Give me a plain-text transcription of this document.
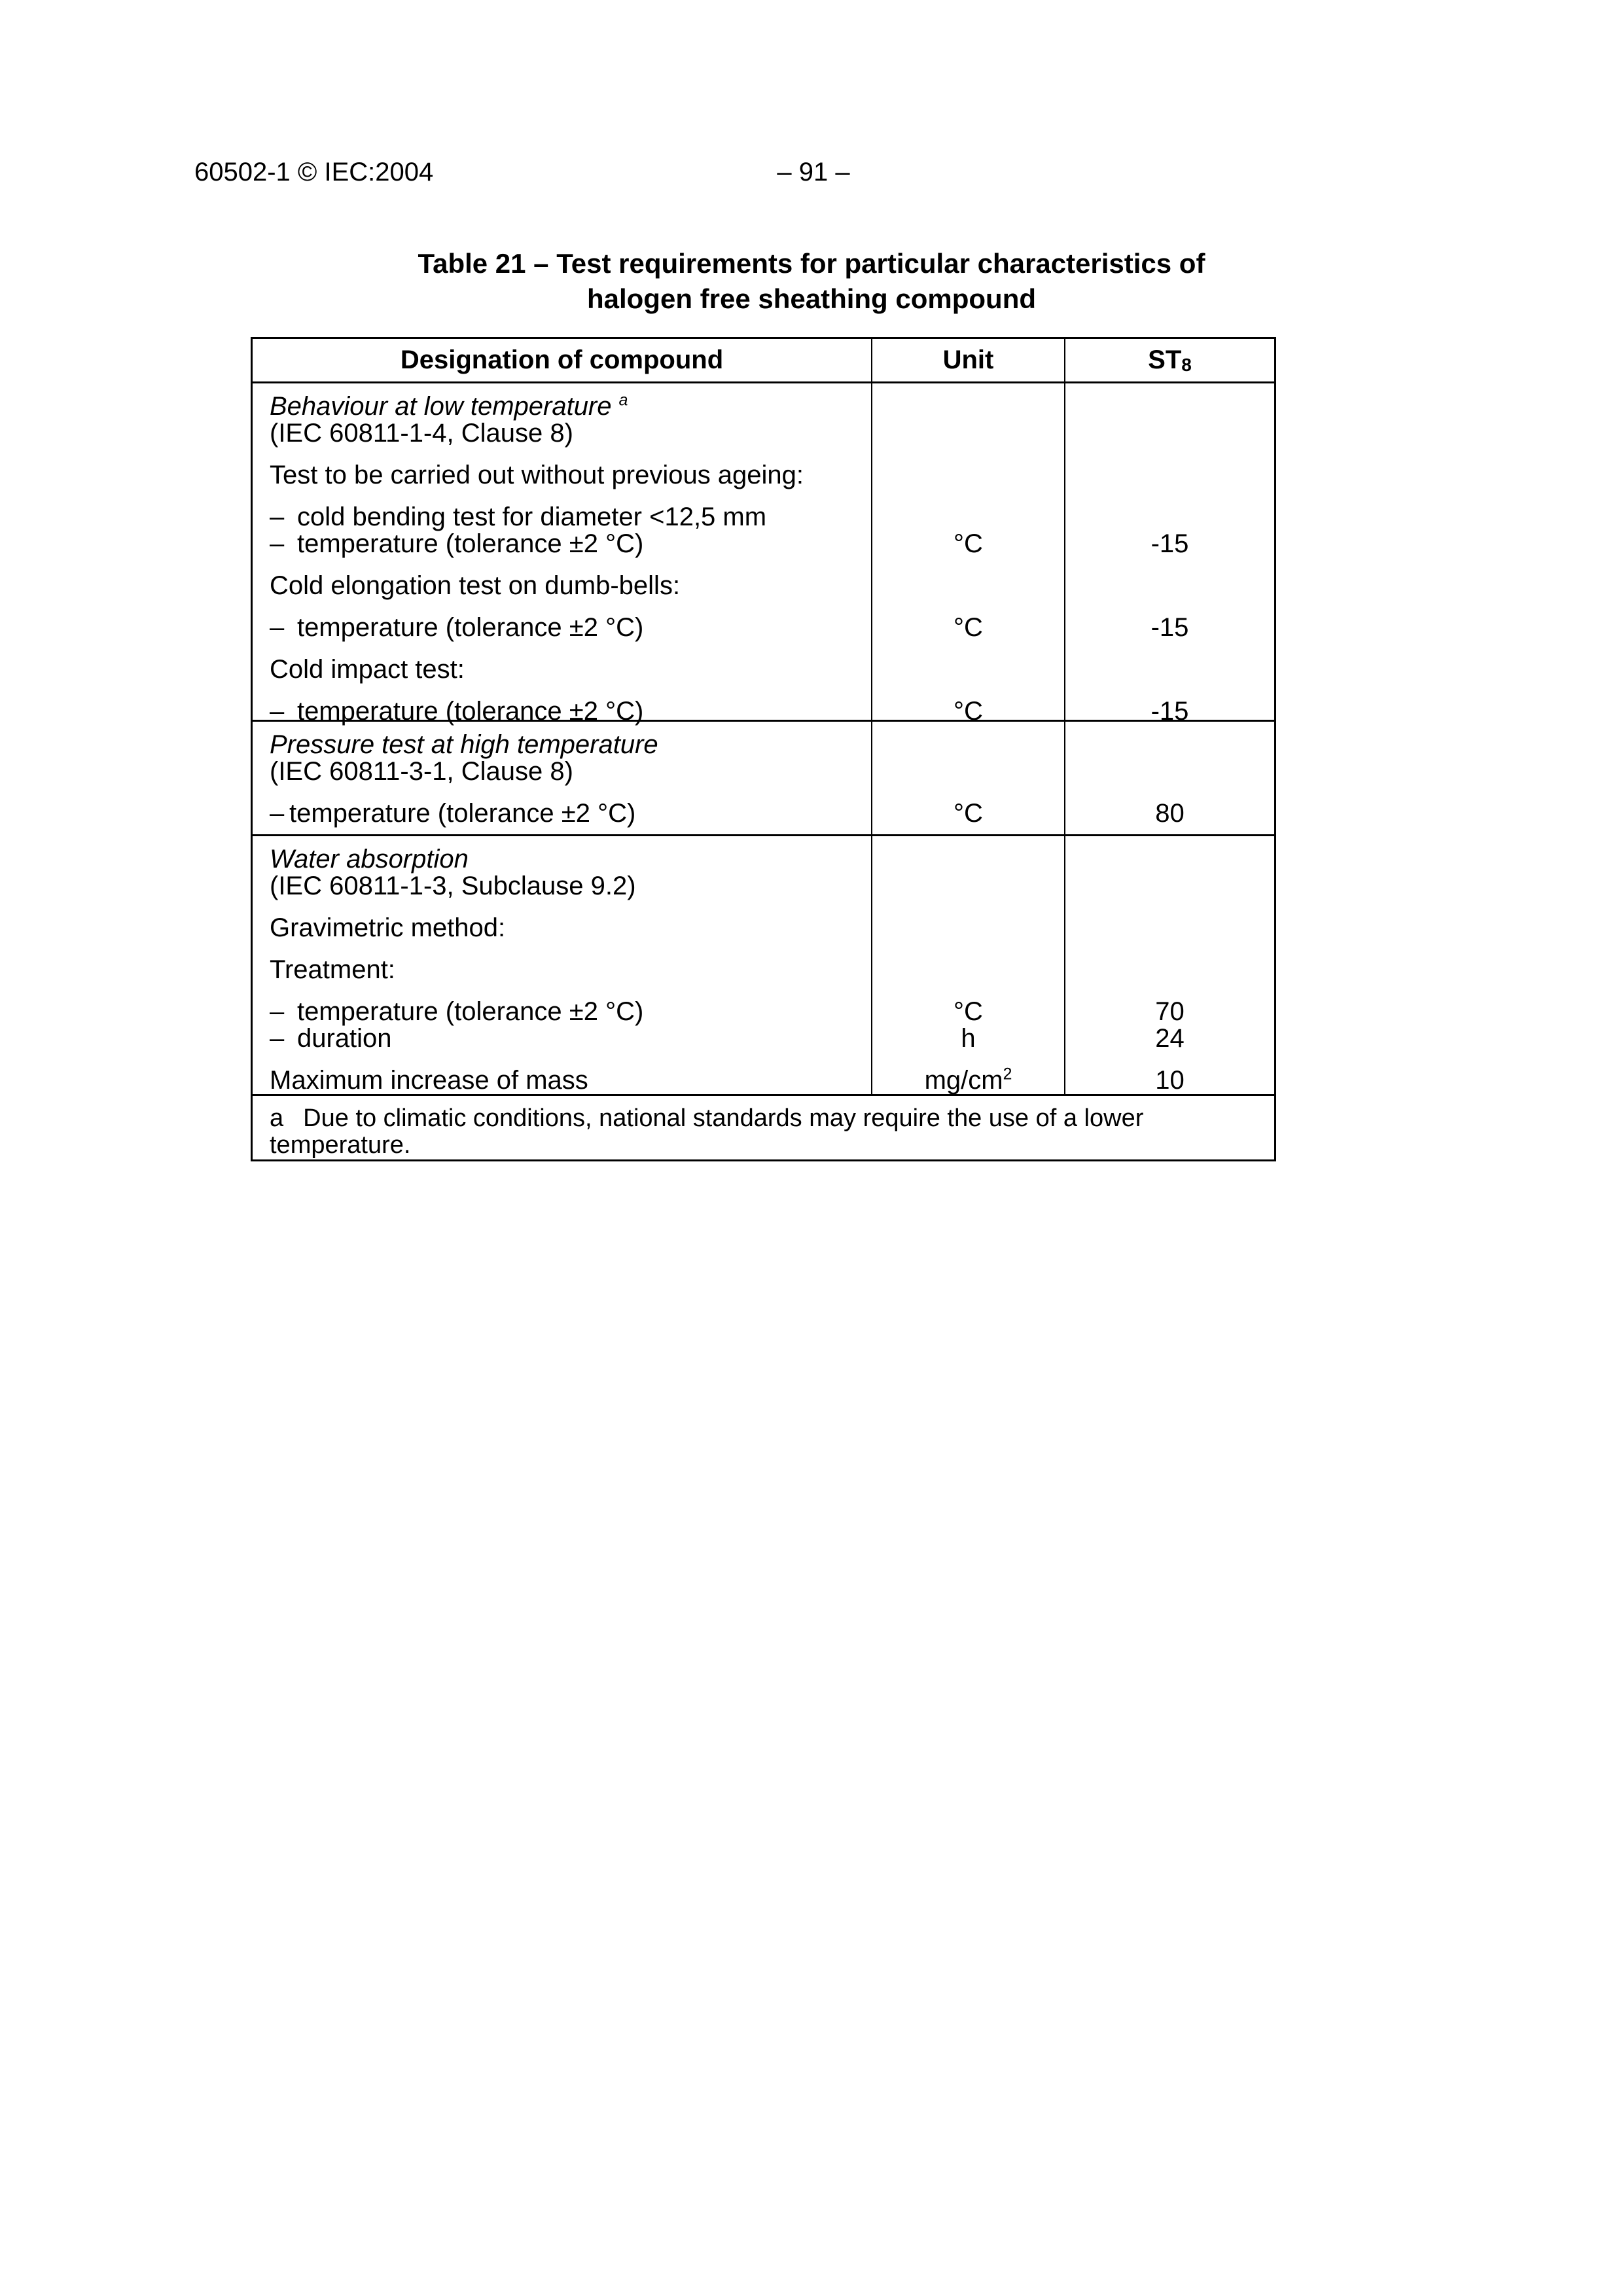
60502-1 © IEC:2004	– 91 –
Table 21 – Test requirements for particular characteristics of
halogen free sheathing compound
Designation of compound	Unit	$ST_8$
Behaviour at low temperature $^a$
(IEC 60811-1-4, Clause 8)
Test to be carried out without previous ageing:
– cold bending test for diameter <12,5 mm
– temperature (tolerance ±2 °C)	°C	-15
Cold elongation test on dumb-bells:
– temperature (tolerance ±2 °C)	°C	-15
Cold impact test:
– temperature (tolerance ±2 °C)	°C	-15
Pressure test at high temperature
(IEC 60811-3-1, Clause 8)
– temperature (tolerance ±2 °C)	°C	80
Water absorption
(IEC 60811-1-3, Subclause 9.2)
Gravimetric method:
Treatment:
– temperature (tolerance ±2 °C)	°C	70
– duration	h	24
Maximum increase of mass	$mg/cm^2$	10
a Due to climatic conditions, national standards may require the use of a lower
temperature.
